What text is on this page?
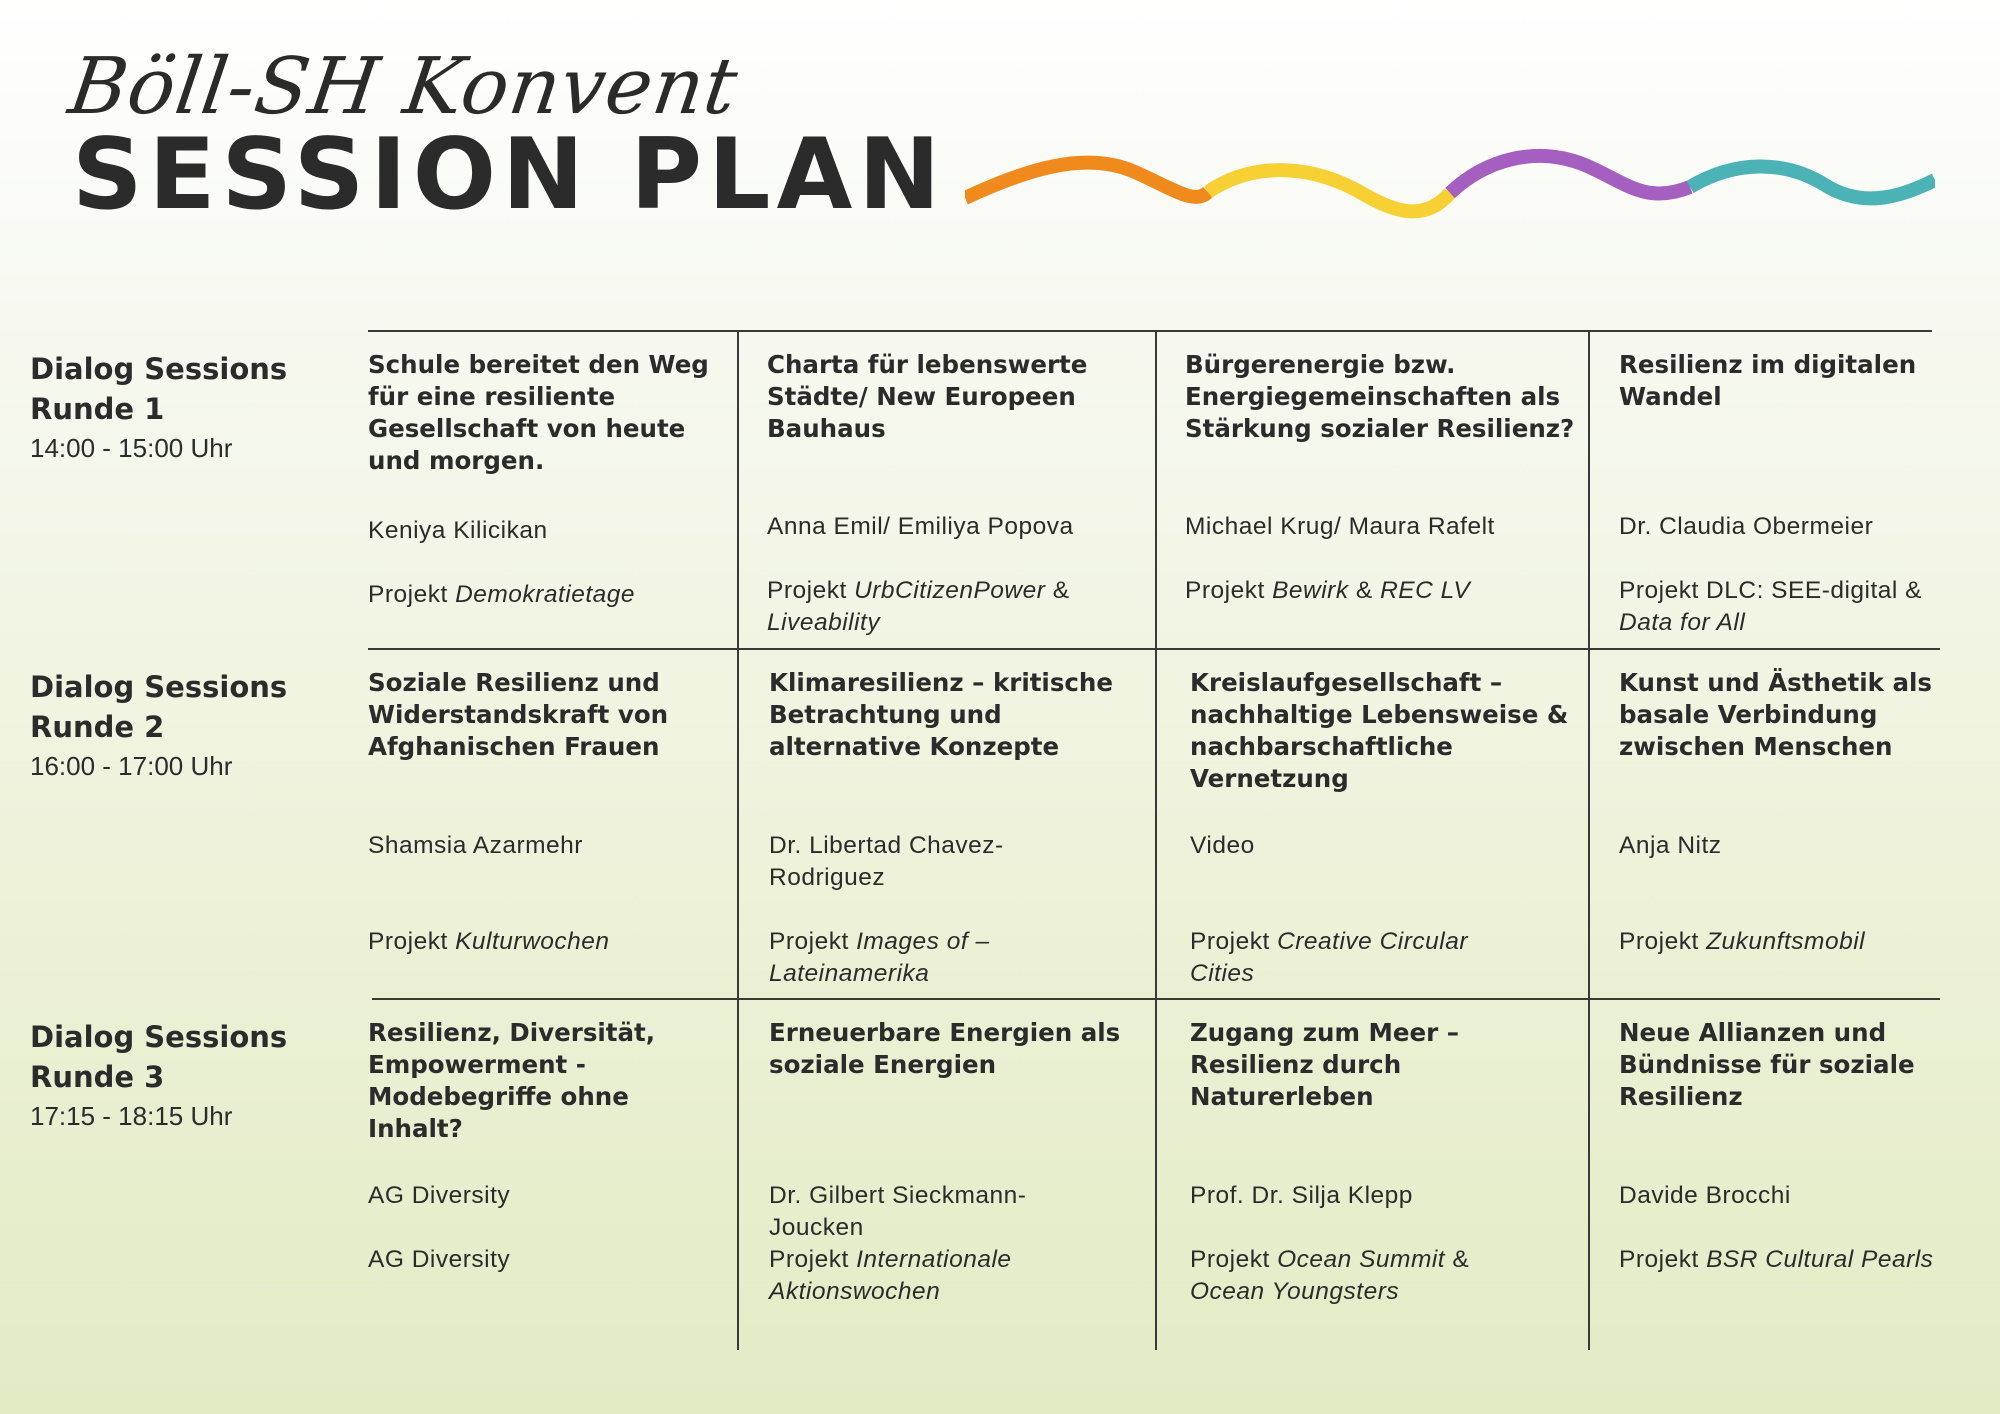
Böll-SH Konvent
SESSION PLAN
Dialog Sessions
Runde 1
14:00 - 15:00 Uhr
Dialog Sessions
Runde 2
16:00 - 17:00 Uhr
Dialog Sessions
Runde 3
17:15 - 18:15 Uhr
Schule bereitet den Weg für eine resiliente Gesellschaft von heute und morgen.
Keniya Kilicikan
Projekt Demokratietage
Charta für lebenswerte Städte/ New Europeen Bauhaus
Anna Emil/ Emiliya Popova
Projekt UrbCitizenPower & Liveability
Bürgerenergie bzw. Energiegemeinschaften als Stärkung sozialer Resilienz?
Michael Krug/ Maura Rafelt
Projekt Bewirk & REC LV
Resilienz im digitalen Wandel
Dr. Claudia Obermeier
Projekt DLC: SEE-digital & Data for All
Soziale Resilienz und Widerstandskraft von Afghanischen Frauen
Shamsia Azarmehr
Projekt Kulturwochen
Klimaresilienz – kritische Betrachtung und alternative Konzepte
Dr. Libertad Chavez-Rodriguez
Projekt Images of – Lateinamerika
Kreislaufgesellschaft – nachhaltige Lebensweise & nachbarschaftliche Vernetzung
Video
Projekt Creative Circular Cities
Kunst und Ästhetik als basale Verbindung zwischen Menschen
Anja Nitz
Projekt Zukunftsmobil
Resilienz, Diversität, Empowerment - Modebegriffe ohne Inhalt?
AG Diversity
AG Diversity
Erneuerbare Energien als soziale Energien
Dr. Gilbert Sieckmann-Joucken
Projekt Internationale Aktionswochen
Zugang zum Meer – Resilienz durch Naturerleben
Prof. Dr. Silja Klepp
Projekt Ocean Summit & Ocean Youngsters
Neue Allianzen und Bündnisse für soziale Resilienz
Davide Brocchi
Projekt BSR Cultural Pearls
